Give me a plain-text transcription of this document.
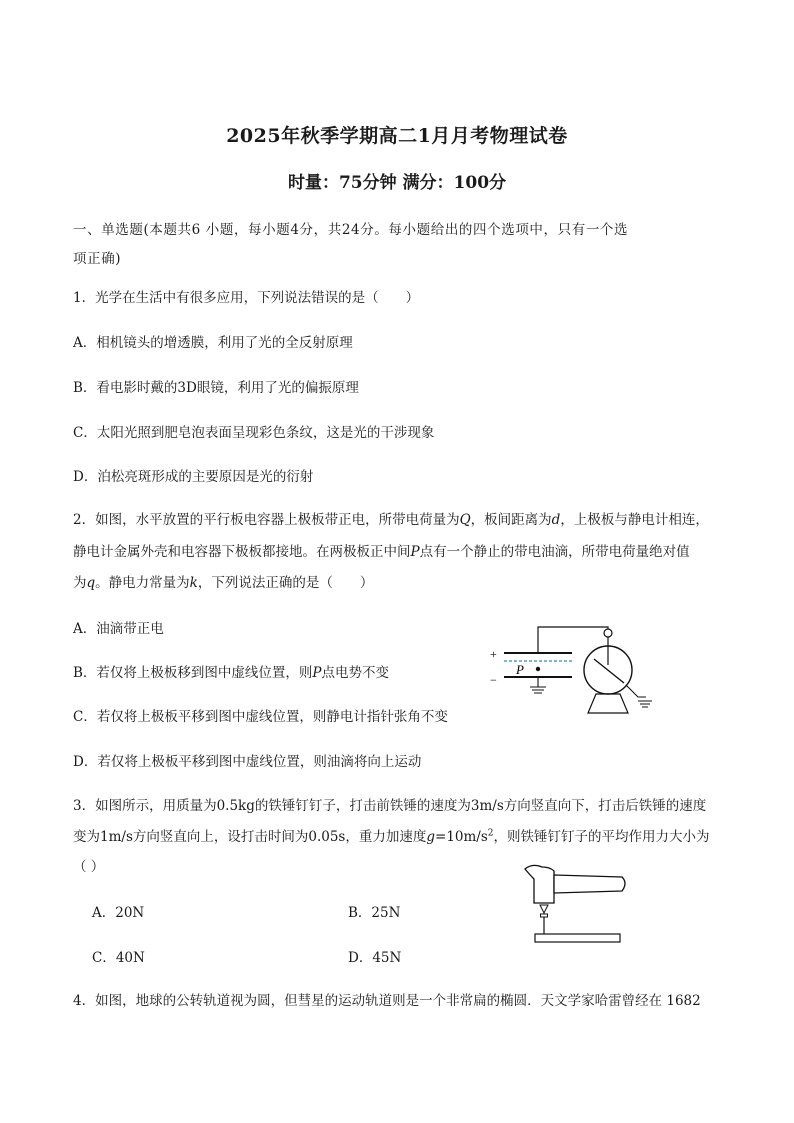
2025年秋季学期高二1月月考物理试卷
时量：75分钟 满分：100分
一、单选题(本题共6 小题，每小题4分，共24分。每小题给出的四个选项中，只有一个选
项正确)
1．光学在生活中有很多应用，下列说法错误的是（　　）
A．相机镜头的增透膜，利用了光的全反射原理
B．看电影时戴的3D眼镜，利用了光的偏振原理
C．太阳光照到肥皂泡表面呈现彩色条纹，这是光的干涉现象
D．泊松亮斑形成的主要原因是光的衍射
2．如图，水平放置的平行板电容器上极板带正电，所带电荷量为Q，板间距离为d，上极板与静电计相连，
静电计金属外壳和电容器下极板都接地。在两极板正中间P点有一个静止的带电油滴，所带电荷量绝对值
为q。静电力常量为k，下列说法正确的是（　　）
A．油滴带正电
B．若仅将上极板移到图中虚线位置，则P点电势不变
C．若仅将上极板平移到图中虚线位置，则静电计指针张角不变
D．若仅将上极板平移到图中虚线位置，则油滴将向上运动
+
−
P
3．如图所示，用质量为0.5kg的铁锤钉钉子，打击前铁锤的速度为3m/s方向竖直向下，打击后铁锤的速度
变为1m/s方向竖直向上，设打击时间为0.05s，重力加速度$g=10m/s^2$，则铁锤钉钉子的平均作用力大小为
（ ）
A．20N	B．25N
C．40N	D．45N
4．如图，地球的公转轨道视为圆，但彗星的运动轨道则是一个非常扁的椭圆．天文学家哈雷曾经在 1682
